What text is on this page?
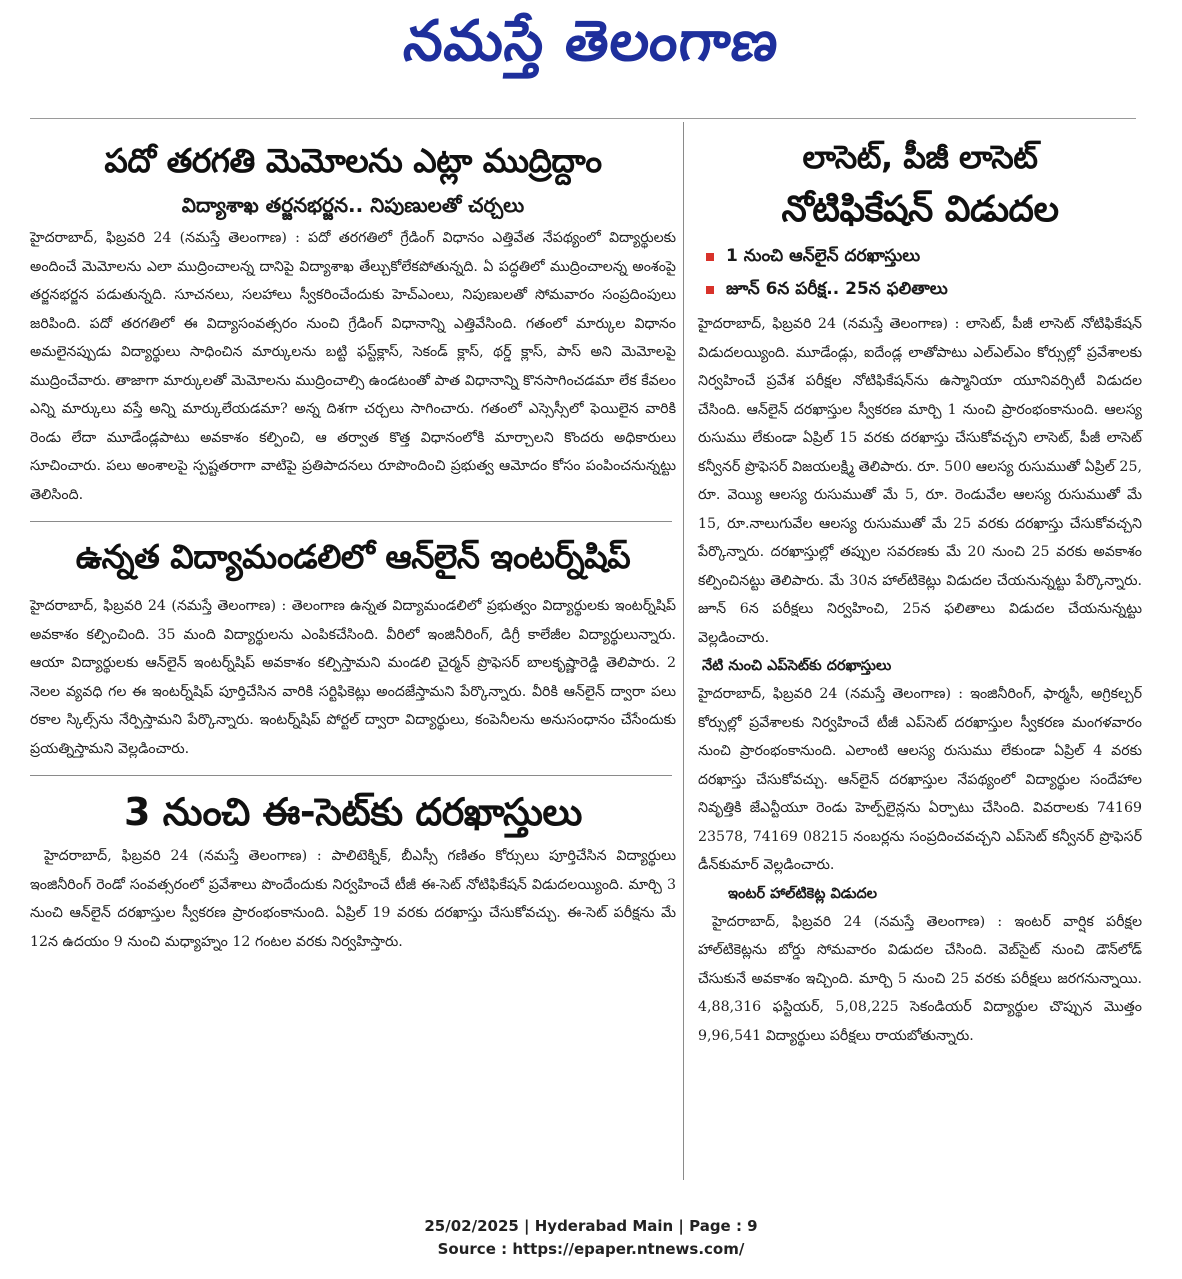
నమస్తే తెలంగాణ
పదో తరగతి మెమోలను ఎట్లా ముద్రిద్దాం
విద్యాశాఖ తర్జనభర్జన.. నిపుణులతో చర్చలు

హైదరాబాద్, ఫిబ్రవరి 24 (నమస్తే తెలంగాణ) : పదో తరగతిలో గ్రేడింగ్ విధానం ఎత్తివేత నేపథ్యంలో విద్యార్థులకు అందించే మెమోలను ఎలా ముద్రించాలన్న దానిపై విద్యాశాఖ తేల్చుకోలేకపోతున్నది. ఏ పద్ధతిలో ముద్రించాలన్న అంశంపై తర్జనభర్జన పడుతున్నది. సూచనలు, సలహాలు స్వీకరించేందుకు హెచ్ఎంలు, నిపుణులతో సోమవారం సంప్రదింపులు జరిపింది. పదో తరగతిలో ఈ విద్యాసంవత్సరం నుంచి గ్రేడింగ్ విధానాన్ని ఎత్తివేసింది. గతంలో మార్కుల విధానం అమలైనప్పుడు విద్యార్థులు సాధించిన మార్కులను బట్టి ఫస్ట్‌క్లాస్, సెకండ్ క్లాస్, థర్డ్ క్లాస్, పాస్ అని మెమోలపై ముద్రించేవారు. తాజాగా మార్కులతో మెమోలను ముద్రించాల్సి ఉండటంతో పాత విధానాన్ని కొనసాగించడమా లేక కేవలం ఎన్ని మార్కులు వస్తే అన్ని మార్కులేయడమా? అన్న దిశగా చర్చలు సాగించారు. గతంలో ఎస్సెస్సీలో ఫెయిలైన వారికి రెండు లేదా మూడేండ్లపాటు అవకాశం కల్పించి, ఆ తర్వాత కొత్త విధానంలోకి మార్చాలని కొందరు అధికారులు సూచించారు. పలు అంశాలపై స్పష్టతరాగా వాటిపై ప్రతిపాదనలు రూపొందించి ప్రభుత్వ ఆమోదం కోసం పంపించనున్నట్టు తెలిసింది.

ఉన్నత విద్యామండలిలో ఆన్‌లైన్ ఇంటర్న్‌షిప్

హైదరాబాద్, ఫిబ్రవరి 24 (నమస్తే తెలంగాణ) : తెలంగాణ ఉన్నత విద్యామండలిలో ప్రభుత్వం విద్యార్థులకు ఇంటర్న్‌షిప్ అవకాశం కల్పించింది. 35 మంది విద్యార్థులను ఎంపికచేసింది. వీరిలో ఇంజినీరింగ్, డిగ్రీ కాలేజీల విద్యార్థులున్నారు. ఆయా విద్యార్థులకు ఆన్‌లైన్ ఇంటర్న్‌షిప్ అవకాశం కల్పిస్తామని మండలి చైర్మన్ ప్రొఫెసర్ బాలకృష్ణారెడ్డి తెలిపారు. 2 నెలల వ్యవధి గల ఈ ఇంటర్న్‌షిప్ పూర్తిచేసిన వారికి సర్టిఫికెట్లు అందజేస్తామని పేర్కొన్నారు. వీరికి ఆన్‌లైన్ ద్వారా పలు రకాల స్కిల్స్‌ను నేర్పిస్తామని పేర్కొన్నారు. ఇంటర్న్‌షిప్ పోర్టల్ ద్వారా విద్యార్థులు, కంపెనీలను అనుసంధానం చేసేందుకు ప్రయత్నిస్తామని వెల్లడించారు.

3 నుంచి ఈ-సెట్‌కు దరఖాస్తులు

హైదరాబాద్, ఫిబ్రవరి 24 (నమస్తే తెలంగాణ) : పాలిటెక్నిక్, బీఎస్సీ గణితం కోర్సులు పూర్తిచేసిన విద్యార్థులు ఇంజినీరింగ్ రెండో సంవత్సరంలో ప్రవేశాలు పొందేందుకు నిర్వహించే టీజీ ఈ-సెట్ నోటిఫికేషన్ విడుదలయ్యింది. మార్చి 3 నుంచి ఆన్‌లైన్ దరఖాస్తుల స్వీకరణ ప్రారంభంకానుంది. ఏప్రిల్ 19 వరకు దరఖాస్తు చేసుకోవచ్చు. ఈ-సెట్ పరీక్షను మే 12న ఉదయం 9 నుంచి మధ్యాహ్నం 12 గంటల వరకు నిర్వహిస్తారు.

లాసెట్, పీజీ లాసెట్
నోటిఫికేషన్ విడుదల
1 నుంచి ఆన్‌లైన్ దరఖాస్తులు
జూన్ 6న పరీక్ష.. 25న ఫలితాలు

హైదరాబాద్, ఫిబ్రవరి 24 (నమస్తే తెలంగాణ) : లాసెట్, పీజీ లాసెట్ నోటిఫికేషన్ విడుదలయ్యింది. మూడేండ్లు, ఐదేండ్ల లాతోపాటు ఎల్ఎల్ఎం కోర్సుల్లో ప్రవేశాలకు నిర్వహించే ప్రవేశ పరీక్షల నోటిఫికేషన్‌ను ఉస్మానియా యూనివర్సిటీ విడుదల చేసింది. ఆన్‌లైన్ దరఖాస్తుల స్వీకరణ మార్చి 1 నుంచి ప్రారంభంకానుంది. ఆలస్య రుసుము లేకుండా ఏప్రిల్ 15 వరకు దరఖాస్తు చేసుకోవచ్చని లాసెట్, పీజీ లాసెట్ కన్వీనర్ ప్రొఫెసర్ విజయలక్ష్మి తెలిపారు. రూ. 500 ఆలస్య రుసుముతో ఏప్రిల్ 25, రూ. వెయ్యి ఆలస్య రుసుముతో మే 5, రూ. రెండువేల ఆలస్య రుసుముతో మే 15, రూ.నాలుగువేల ఆలస్య రుసుముతో మే 25 వరకు దరఖాస్తు చేసుకోవచ్చని పేర్కొన్నారు. దరఖాస్తుల్లో తప్పుల సవరణకు మే 20 నుంచి 25 వరకు అవకాశం కల్పించినట్టు తెలిపారు. మే 30న హాల్‌టికెట్లు విడుదల చేయనున్నట్టు పేర్కొన్నారు. జూన్ 6న పరీక్షలు నిర్వహించి, 25న ఫలితాలు విడుదల చేయనున్నట్టు వెల్లడించారు.

నేటి నుంచి ఎప్‌సెట్‌కు దరఖాస్తులు

హైదరాబాద్, ఫిబ్రవరి 24 (నమస్తే తెలంగాణ) : ఇంజినీరింగ్, ఫార్మసీ, అగ్రికల్చర్ కోర్సుల్లో ప్రవేశాలకు నిర్వహించే టీజీ ఎప్‌సెట్ దరఖాస్తుల స్వీకరణ మంగళవారం నుంచి ప్రారంభంకానుంది. ఎలాంటి ఆలస్య రుసుము లేకుండా ఏప్రిల్ 4 వరకు దరఖాస్తు చేసుకోవచ్చు. ఆన్‌లైన్ దరఖాస్తుల నేపథ్యంలో విద్యార్థుల సందేహాల నివృత్తికి జేఎన్టీయూ రెండు హెల్ప్‌లైన్లను ఏర్పాటు చేసింది. వివరాలకు 74169 23578, 74169 08215 నంబర్లను సంప్రదించవచ్చని ఎప్‌సెట్ కన్వీనర్ ప్రొఫెసర్ డీన్‌కుమార్ వెల్లడించారు.

ఇంటర్ హాల్‌టికెట్ల విడుదల

హైదరాబాద్, ఫిబ్రవరి 24 (నమస్తే తెలంగాణ) : ఇంటర్ వార్షిక పరీక్షల హాల్‌టికెట్లను బోర్డు సోమవారం విడుదల చేసింది. వెబ్‌సైట్ నుంచి డౌన్‌లోడ్ చేసుకునే అవకాశం ఇచ్చింది. మార్చి 5 నుంచి 25 వరకు పరీక్షలు జరగనున్నాయి. 4,88,316 ఫస్టియర్, 5,08,225 సెకండియర్ విద్యార్థుల చొప్పున మొత్తం 9,96,541 విద్యార్థులు పరీక్షలు రాయబోతున్నారు.

25/02/2025 | Hyderabad Main | Page : 9
Source : https://epaper.ntnews.com/
